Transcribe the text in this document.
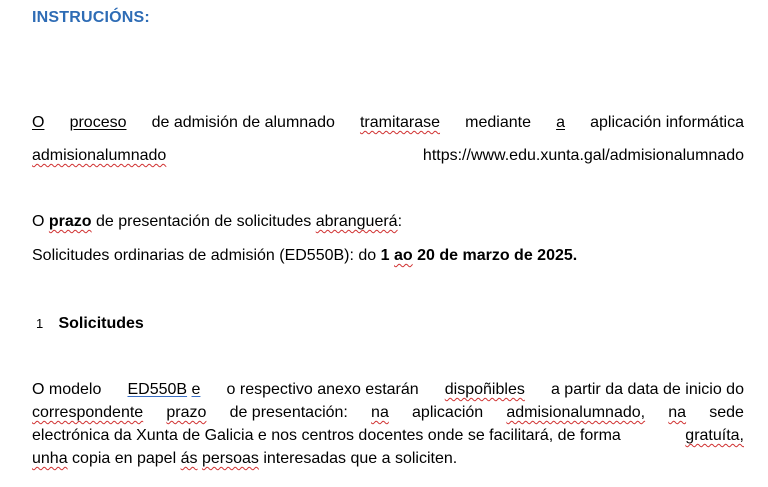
INSTRUCIÓNS:
O proceso de admisión de alumnado tramitarase mediante a aplicación informática
admisionalumnado	https://www.edu.xunta.gal/admisionalumnado
O prazo de presentación de solicitudes abranguerá:
Solicitudes ordinarias de admisión (ED550B): do 1 ao 20 de marzo de 2025.
1 Solicitudes
O modelo ED550B e o respectivo anexo estarán dispoñibles a partir da data de inicio do
correspondente prazo de presentación: na aplicación admisionalumnado, na sede
electrónica da Xunta de Galicia e nos centros docentes onde se facilitará, de forma	gratuíta,
unha copia en papel ás persoas interesadas que a soliciten.
